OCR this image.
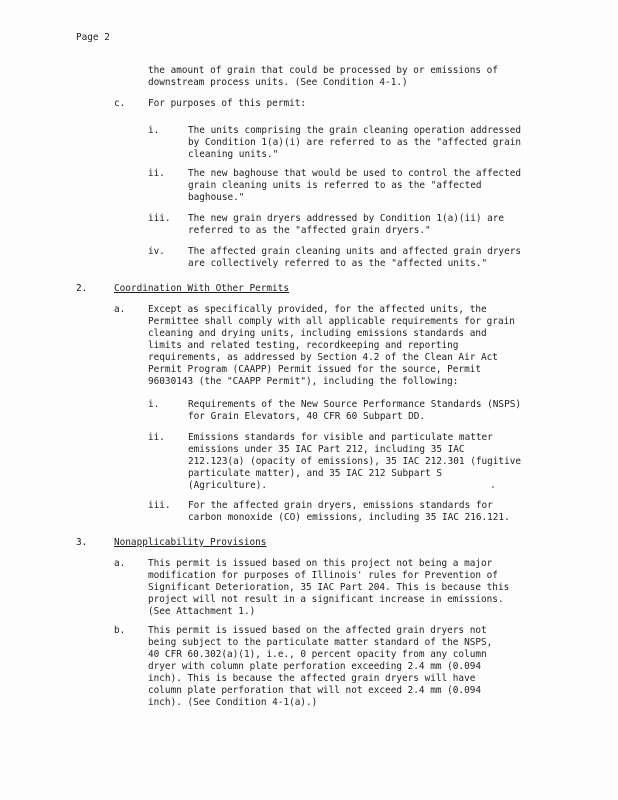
Page 2
the amount of grain that could be processed by or emissions of
downstream process units. (See Condition 4-1.)
c. For purposes of this permit:
i.	The units comprising the grain cleaning operation addressed
by Condition 1(a)(i) are referred to as the "affected grain
cleaning units."
ii. The new baghouse that would be used to control the affected
grain cleaning units is referred to as the "affected
baghouse."
iii. The new grain dryers addressed by Condition 1(a)(ii) are
referred to as the "affected grain dryers."
iv. The affected grain cleaning units and affected grain dryers
are collectively referred to as the "affected units."
2.	Coordination With Other Permits
a. Except as specifically provided, for the affected units, the
Permittee shall comply with all applicable requirements for grain
cleaning and drying units, including emissions standards and
limits and related testing, recordkeeping and reporting
requirements, as addressed by Section 4.2 of the Clean Air Act
Permit Program (CAAPP) Permit issued for the source, Permit
96030143 (the "CAAPP Permit"), including the following:
i.	Requirements of the New Source Performance Standards (NSPS)
for Grain Elevators, 40 CFR 60 Subpart DD.
ii. Emissions standards for visible and particulate matter
emissions under 35 IAC Part 212, including 35 IAC
212.123(a) (opacity of emissions), 35 IAC 212.301 (fugitive
particulate matter), and 35 IAC 212 Subpart S
(Agriculture).
iii. For the affected grain dryers, emissions standards for
carbon monoxide (CO) emissions, including 35 IAC 216.121.
3.	Nonapplicability Provisions
a. This permit is issued based on this project not being a major
modification for purposes of Illinois' rules for Prevention of
Significant Deterioration, 35 IAC Part 204. This is because this
project will not result in a significant increase in emissions.
(See Attachment 1.)
b. This permit is issued based on the affected grain dryers not
being subject to the particulate matter standard of the NSPS,
40 CFR 60.302(a)(1), i.e., 0 percent opacity from any column
dryer with column plate perforation exceeding 2.4 mm (0.094
inch). This is because the affected grain dryers will have
column plate perforation that will not exceed 2.4 mm (0.094
inch). (See Condition 4-1(a).)
